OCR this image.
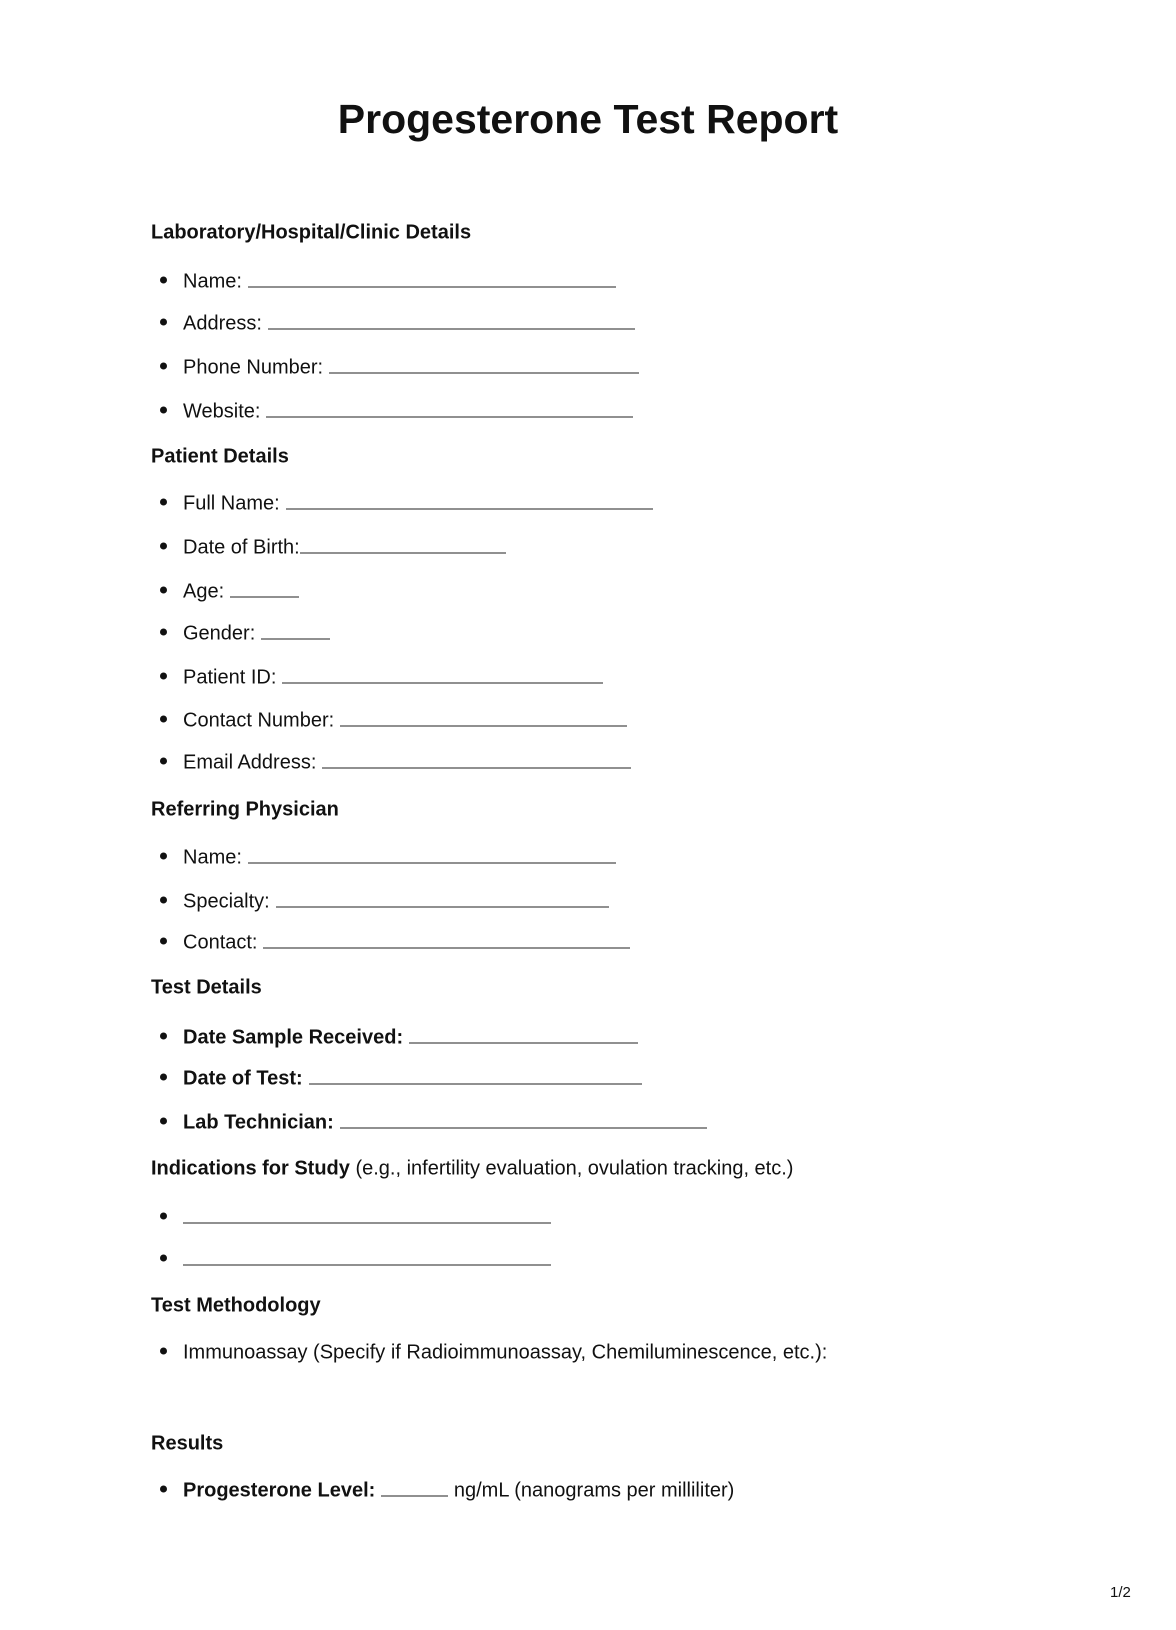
Progesterone Test Report
Laboratory/Hospital/Clinic Details
Name:
Address:
Phone Number:
Website:
Patient Details
Full Name:
Date of Birth:
Age:
Gender:
Patient ID:
Contact Number:
Email Address:
Referring Physician
Name:
Specialty:
Contact:
Test Details
Date Sample Received:
Date of Test:
Lab Technician:
Indications for Study (e.g., infertility evaluation, ovulation tracking, etc.)
Test Methodology
Immunoassay (Specify if Radioimmunoassay, Chemiluminescence, etc.):
Results
Progesterone Level:	ng/mL (nanograms per milliliter)
1/2
